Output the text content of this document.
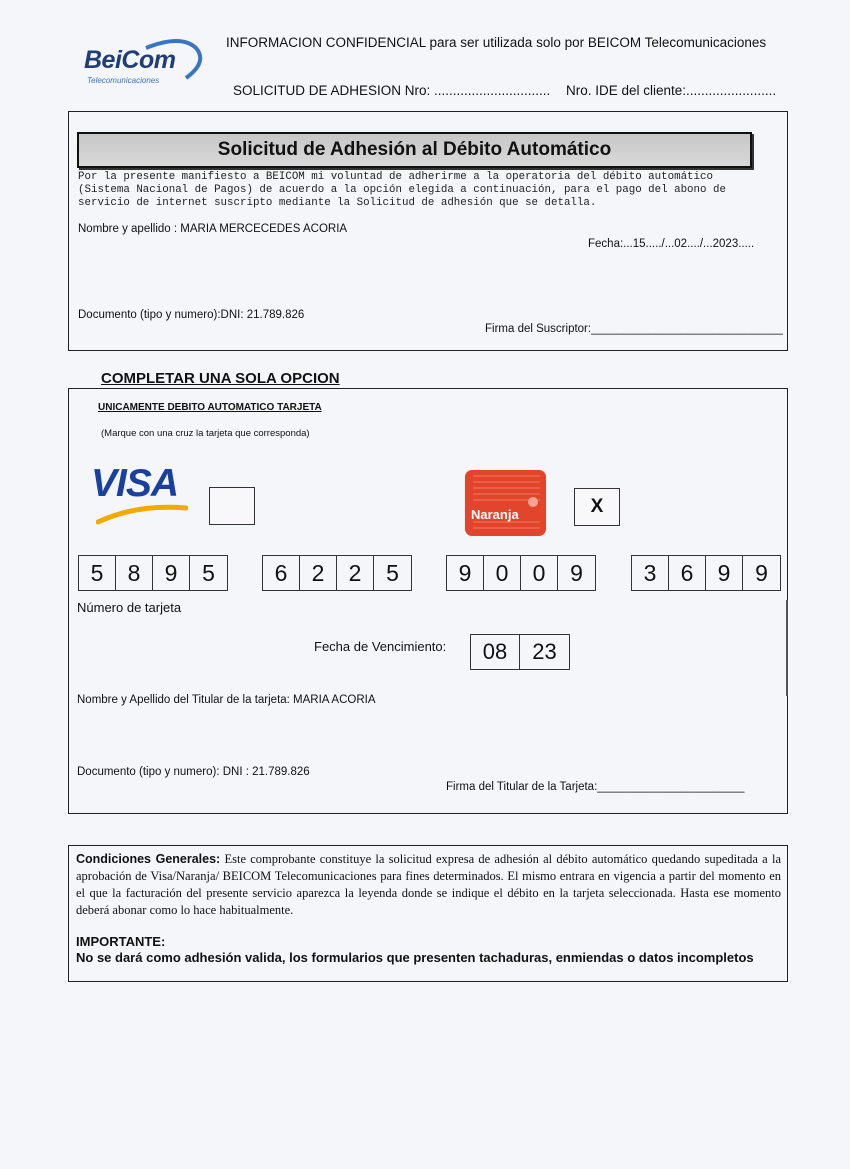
BeiCom
Telecomunicaciones
INFORMACION CONFIDENCIAL para ser utilizada solo por BEICOM Telecomunicaciones
SOLICITUD DE ADHESION Nro: ............................... Nro. IDE del cliente:........................
Solicitud de Adhesión al Débito Automático
Por la presente manifiesto a BEICOM mi voluntad de adherirme a la operatoria del débito automático (Sistema Nacional de Pagos) de acuerdo a la opción elegida a continuación, para el pago del abono de servicio de internet suscripto mediante la Solicitud de adhesión que se detalla.
Nombre y apellido : MARIA MERCECEDES ACORIA
Fecha:...15...../...02..../...2023.....
Documento (tipo y numero):DNI: 21.789.826
Firma del Suscriptor:______________________________
COMPLETAR UNA SOLA OPCION
UNICAMENTE DEBITO AUTOMATICO TARJETA
(Marque con una cruz la tarjeta que corresponda)
VISA
Naranja	X
5	8	9	5	6	2	2	5	9	0	0	9	3	6	9	9
Número de tarjeta
Fecha de Vencimiento:	08	23
Nombre y Apellido del Titular de la tarjeta: MARIA ACORIA
Documento (tipo y numero): DNI : 21.789.826
Firma del Titular de la Tarjeta:_______________________
Condiciones Generales: Este comprobante constituye la solicitud expresa de adhesión al débito automático quedando supeditada a la aprobación de Visa/Naranja/ BEICOM Telecomunicaciones para fines determinados. El mismo entrara en vigencia a partir del momento en el que la facturación del presente servicio aparezca la leyenda donde se indique el débito en la tarjeta seleccionada. Hasta ese momento deberá abonar como lo hace habitualmente.
IMPORTANTE:
No se dará como adhesión valida, los formularios que presenten tachaduras, enmiendas o datos incompletos
